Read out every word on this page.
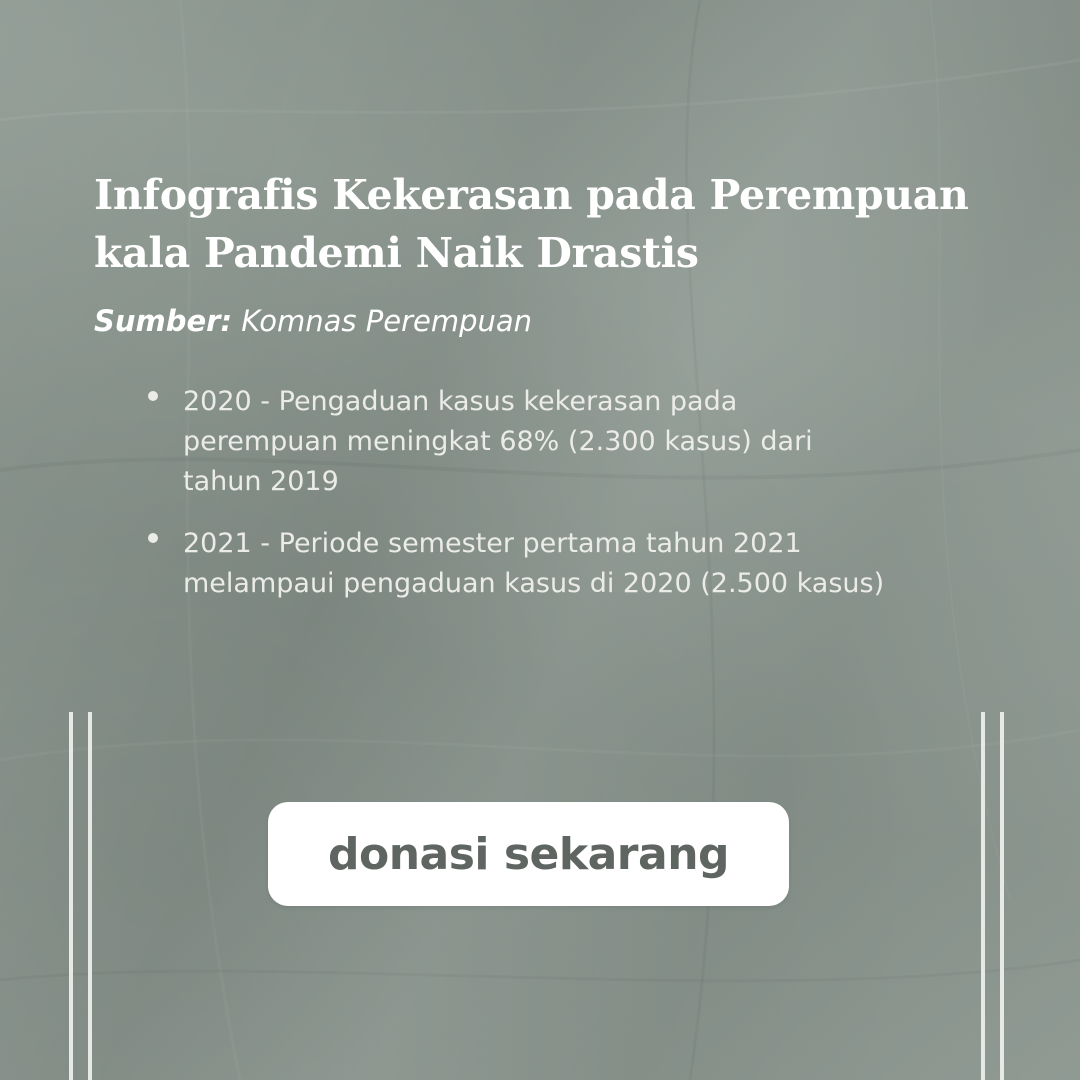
Infografis Kekerasan pada Perempuan
kala Pandemi Naik Drastis
Sumber: Komnas Perempuan
2020 - Pengaduan kasus kekerasan pada
perempuan meningkat 68% (2.300 kasus) dari
tahun 2019
2021 - Periode semester pertama tahun 2021
melampaui pengaduan kasus di 2020 (2.500 kasus)
donasi sekarang
